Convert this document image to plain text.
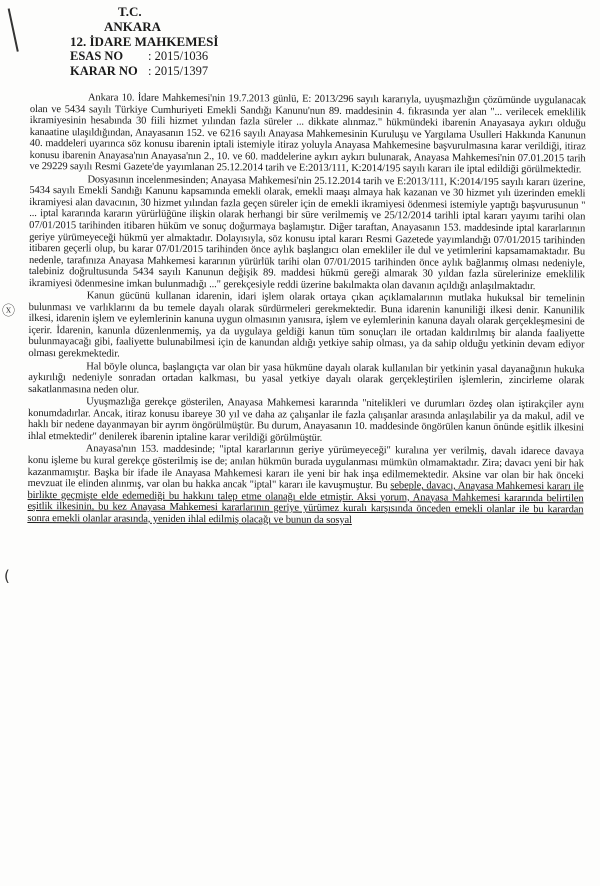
T.C.
ANKARA
12. İDARE MAHKEMESİ
ESAS NO : 2015/1036
KARAR NO : 2015/1397
ⓧ
(

Ankara 10. İdare Mahkemesi'nin 19.7.2013 günlü, E: 2013/296 sayılı kararıyla, uyuşmazlığın çözümünde uygulanacak olan ve 5434 sayılı Türkiye Cumhuriyeti Emekli Sandığı Kanunu'nun 89. maddesinin 4. fıkrasında yer alan "... verilecek emeklilik ikramiyesinin hesabında 30 fiili hizmet yılından fazla süreler ... dikkate alınmaz." hükmündeki ibarenin Anayasaya aykırı olduğu kanaatine ulaşıldığından, Anayasanın 152. ve 6216 sayılı Anayasa Mahkemesinin Kuruluşu ve Yargılama Usulleri Hakkında Kanunun 40. maddeleri uyarınca söz konusu ibarenin iptali istemiyle itiraz yoluyla Anayasa Mahkemesine başvurulmasına karar verildiği, itiraz konusu ibarenin Anayasa'nın Anayasa'nın 2., 10. ve 60. maddelerine aykırı aykırı bulunarak, Anayasa Mahkemesi'nin 07.01.2015 tarih ve 29229 sayılı Resmi Gazete'de yayımlanan 25.12.2014 tarih ve E:2013/111, K:2014/195 sayılı kararı ile iptal edildiği görülmektedir.

Dosyasının incelenmesinden; Anayasa Mahkemesi'nin 25.12.2014 tarih ve E:2013/111, K:2014/195 sayılı kararı üzerine, 5434 sayılı Emekli Sandığı Kanunu kapsamında emekli olarak, emekli maaşı almaya hak kazanan ve 30 hizmet yılı üzerinden emekli ikramiyesi alan davacının, 30 hizmet yılından fazla geçen süreler için de emekli ikramiyesi ödenmesi istemiyle yaptığı başvurusunun " ... iptal kararında kararın yürürlüğüne ilişkin olarak herhangi bir süre verilmemiş ve 25/12/2014 tarihli iptal kararı yayımı tarihi olan 07/01/2015 tarihinden itibaren hüküm ve sonuç doğurmaya başlamıştır. Diğer taraftan, Anayasanın 153. maddesinde iptal kararlarının geriye yürümeyeceği hükmü yer almaktadır. Dolayısıyla, söz konusu iptal kararı Resmi Gazetede yayımlandığı 07/01/2015 tarihinden itibaren geçerli olup, bu karar 07/01/2015 tarihinden önce aylık başlangıcı olan emekliler ile dul ve yetimlerini kapsamamaktadır. Bu nedenle, tarafınıza Anayasa Mahkemesi kararının yürürlük tarihi olan 07/01/2015 tarihinden önce aylık bağlanmış olması nedeniyle, talebiniz doğrultusunda 5434 sayılı Kanunun değişik 89. maddesi hükmü gereği almarak 30 yıldan fazla sürelerinize emeklilik ikramiyesi ödenmesine imkan bulunmadığı ..." gerekçesiyle reddi üzerine bakılmakta olan davanın açıldığı anlaşılmaktadır.

Kanun gücünü kullanan idarenin, idari işlem olarak ortaya çıkan açıklamalarının mutlaka hukuksal bir temelinin bulunması ve varlıklarını da bu temele dayalı olarak sürdürmeleri gerekmektedir. Buna idarenin kanuniliği ilkesi denir. Kanunilik ilkesi, idarenin işlem ve eylemlerinin kanuna uygun olmasının yanısıra, işlem ve eylemlerinin kanuna dayalı olarak gerçekleşmesini de içerir. İdarenin, kanunla düzenlenmemiş, ya da uygulaya geldiği kanun tüm sonuçları ile ortadan kaldırılmış bir alanda faaliyette bulunmayacağı gibi, faaliyette bulunabilmesi için de kanundan aldığı yetkiye sahip olması, ya da sahip olduğu yetkinin devam ediyor olması gerekmektedir.

Hal böyle olunca, başlangıçta var olan bir yasa hükmüne dayalı olarak kullanılan bir yetkinin yasal dayanağının hukuka aykırılığı nedeniyle sonradan ortadan kalkması, bu yasal yetkiye dayalı olarak gerçekleştirilen işlemlerin, zincirleme olarak sakatlanmasına neden olur.

Uyuşmazlığa gerekçe gösterilen, Anayasa Mahkemesi kararında "nitelikleri ve durumları özdeş olan iştirakçiler aynı konumdadırlar. Ancak, itiraz konusu ibareye 30 yıl ve daha az çalışanlar ile fazla çalışanlar arasında anlaşılabilir ya da makul, adil ve haklı bir nedene dayanmayan bir ayrım öngörülmüştür. Bu durum, Anayasanın 10. maddesinde öngörülen kanun önünde eşitlik ilkesini ihlal etmektedir" denilerek ibarenin iptaline karar verildiği görülmüştür.

Anayasa'nın 153. maddesinde; "iptal kararlarının geriye yürümeyeceği" kuralına yer verilmiş, davalı idarece davaya konu işleme bu kural gerekçe gösterilmiş ise de; anılan hükmün burada uygulanması mümkün olmamaktadır. Zira; davacı yeni bir hak kazanmamıştır. Başka bir ifade ile Anayasa Mahkemesi kararı ile yeni bir hak inşa edilmemektedir. Aksine var olan bir hak önceki mevzuat ile elinden alınmış, var olan bu hakka ancak "iptal" kararı ile kavuşmuştur. Bu sebeple, davacı, Anayasa Mahkemesi kararı ile birlikte geçmişte elde edemediği bu hakkını talep etme olanağı elde etmiştir. Aksi yorum, Anayasa Mahkemesi kararında belirtilen eşitlik ilkesinin, bu kez Anayasa Mahkemesi kararlarının geriye yürümez kuralı karşısında önceden emekli olanlar ile bu karardan sonra emekli olanlar arasında, yeniden ihlal edilmiş olacağı ve bunun da sosyal
